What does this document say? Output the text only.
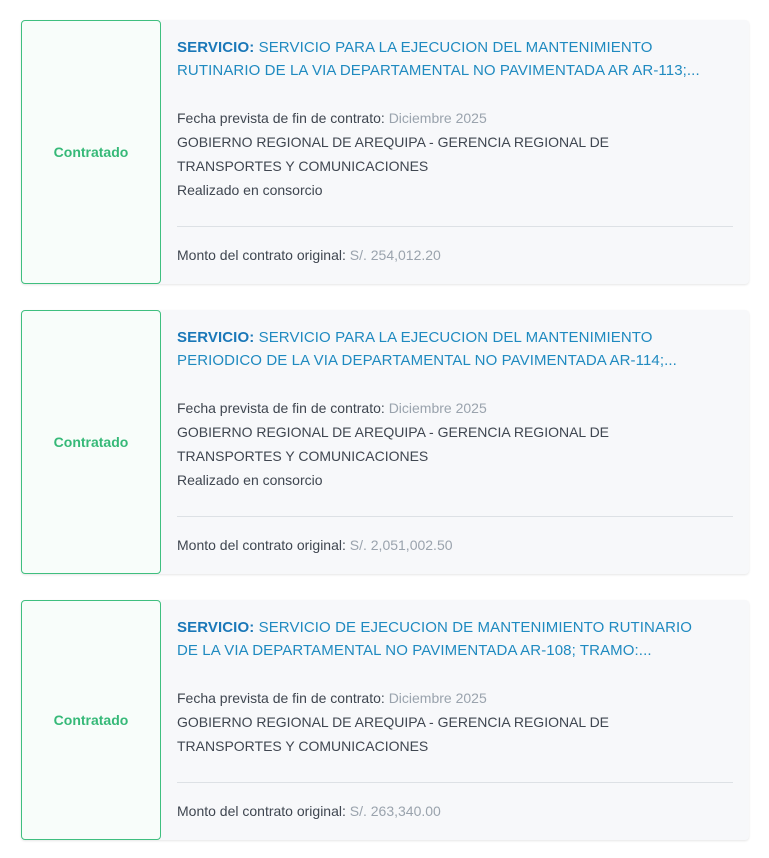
Contratado

SERVICIO: SERVICIO PARA LA EJECUCION DEL MANTENIMIENTO
RUTINARIO DE LA VIA DEPARTAMENTAL NO PAVIMENTADA AR AR-113;...

Fecha prevista de fin de contrato: Diciembre 2025
GOBIERNO REGIONAL DE AREQUIPA - GERENCIA REGIONAL DE
TRANSPORTES Y COMUNICACIONES
Realizado en consorcio
Monto del contrato original: S/. 254,012.20
Contratado

SERVICIO: SERVICIO PARA LA EJECUCION DEL MANTENIMIENTO
PERIODICO DE LA VIA DEPARTAMENTAL NO PAVIMENTADA AR-114;...

Fecha prevista de fin de contrato: Diciembre 2025
GOBIERNO REGIONAL DE AREQUIPA - GERENCIA REGIONAL DE
TRANSPORTES Y COMUNICACIONES
Realizado en consorcio
Monto del contrato original: S/. 2,051,002.50
Contratado

SERVICIO: SERVICIO DE EJECUCION DE MANTENIMIENTO RUTINARIO
DE LA VIA DEPARTAMENTAL NO PAVIMENTADA AR-108; TRAMO:...

Fecha prevista de fin de contrato: Diciembre 2025
GOBIERNO REGIONAL DE AREQUIPA - GERENCIA REGIONAL DE
TRANSPORTES Y COMUNICACIONES
Monto del contrato original: S/. 263,340.00
